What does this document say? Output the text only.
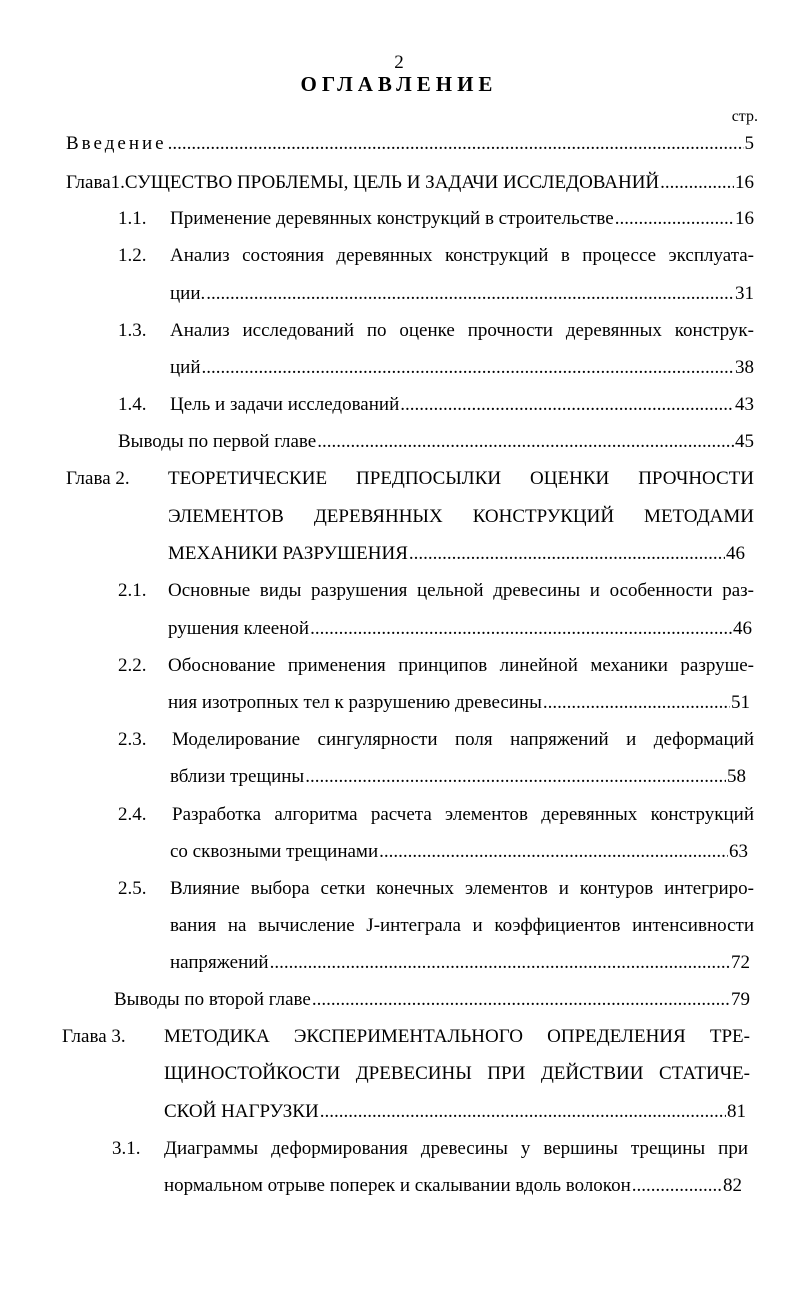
2
ОГЛАВЛЕНИЕ
стр.
Введение .....	5
Глава1.СУЩЕСТВО ПРОБЛЕМЫ, ЦЕЛЬ И ЗАДАЧИ ИССЛЕДОВАНИЙ .....	16
1.1. Применение деревянных конструкций в строительстве .....	16
1.2. Анализ состояния деревянных конструкций в процессе эксплуата-
ции. .....	31
1.3. Анализ исследований по оценке прочности деревянных конструк-
ций .....	38
1.4. Цель и задачи исследований .....	43
Выводы по первой главе .....	45
Глава 2. ТЕОРЕТИЧЕСКИЕ ПРЕДПОСЫЛКИ ОЦЕНКИ ПРОЧНОСТИ
ЭЛЕМЕНТОВ ДЕРЕВЯННЫХ КОНСТРУКЦИЙ МЕТОДАМИ
МЕХАНИКИ РАЗРУШЕНИЯ .....	46
2.1. Основные виды разрушения цельной древесины и особенности раз-
рушения клееной .....	46
2.2. Обоснование применения принципов линейной механики разруше-
ния изотропных тел к разрушению древесины .....	51
2.3. Моделирование сингулярности поля напряжений и деформаций
вблизи трещины .....	58
2.4. Разработка алгоритма расчета элементов деревянных конструкций
со сквозными трещинами .....	63
2.5. Влияние выбора сетки конечных элементов и контуров интегриро-
вания на вычисление J-интеграла и коэффициентов интенсивности
напряжений .....	72
Выводы по второй главе .....	79
Глава 3. МЕТОДИКА ЭКСПЕРИМЕНТАЛЬНОГО ОПРЕДЕЛЕНИЯ ТРЕ-
ЩИНОСТОЙКОСТИ ДРЕВЕСИНЫ ПРИ ДЕЙСТВИИ СТАТИЧЕ-
СКОЙ НАГРУЗКИ .....	81
3.1. Диаграммы деформирования древесины у вершины трещины при
нормальном отрыве поперек и скалывании вдоль волокон .....	82
